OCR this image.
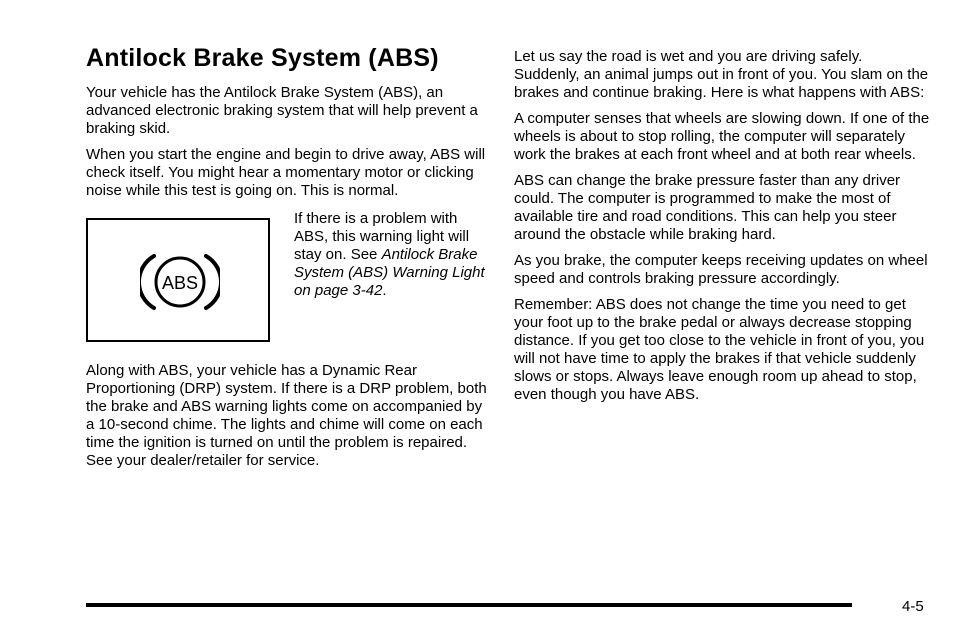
Antilock Brake System (ABS)

Your vehicle has the Antilock Brake System (ABS), an advanced electronic braking system that will help prevent a braking skid.

When you start the engine and begin to drive away, ABS will check itself. You might hear a momentary motor or clicking noise while this test is going on. This is normal.

ABS

If there is a problem with ABS, this warning light will stay on. See Antilock Brake System (ABS) Warning Light on page 3-42.

Along with ABS, your vehicle has a Dynamic Rear Proportioning (DRP) system. If there is a DRP problem, both the brake and ABS warning lights come on accompanied by a 10-second chime. The lights and chime will come on each time the ignition is turned on until the problem is repaired. See your dealer/retailer for service.

Let us say the road is wet and you are driving safely. Suddenly, an animal jumps out in front of you. You slam on the brakes and continue braking. Here is what happens with ABS:

A computer senses that wheels are slowing down. If one of the wheels is about to stop rolling, the computer will separately work the brakes at each front wheel and at both rear wheels.

ABS can change the brake pressure faster than any driver could. The computer is programmed to make the most of available tire and road conditions. This can help you steer around the obstacle while braking hard.

As you brake, the computer keeps receiving updates on wheel speed and controls braking pressure accordingly.

Remember: ABS does not change the time you need to get your foot up to the brake pedal or always decrease stopping distance. If you get too close to the vehicle in front of you, you will not have time to apply the brakes if that vehicle suddenly slows or stops. Always leave enough room up ahead to stop, even though you have ABS.

4-5
